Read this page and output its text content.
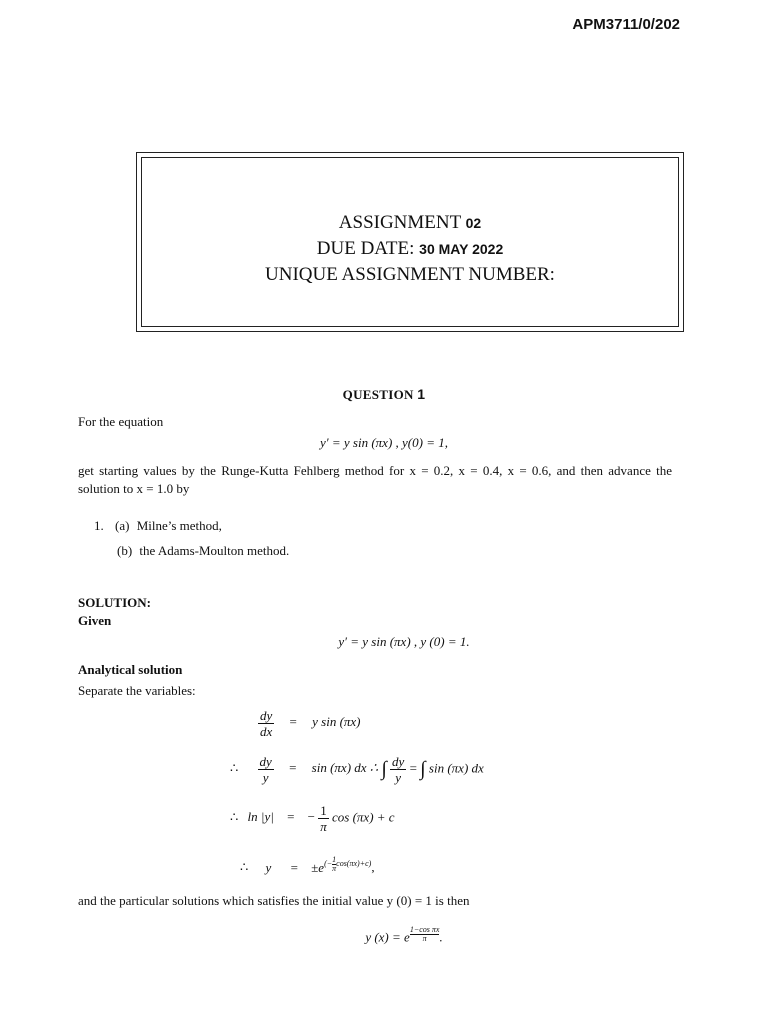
APM3711/0/202
ASSIGNMENT 02
DUE DATE: 30 MAY 2022
UNIQUE ASSIGNMENT NUMBER:
QUESTION 1
For the equation
y′ = y sin (πx) , y(0) = 1,
get starting values by the Runge-Kutta Fehlberg method for x = 0.2, x = 0.4, x = 0.6, and then advance the solution to x = 1.0 by
1. (a) Milne’s method,
(b) the Adams-Moulton method.
SOLUTION:
Given
y′ = y sin (πx) , y (0) = 1.
Analytical solution
Separate the variables:
$\frac{dy}{dx} = y$ sin (πx)
∴ $\frac{dy}{y} = \sin (\pi x)$ dx ∴ ∫ $\frac{dy}{y}$ = ∫ sin (πx) dx
∴ ln |y| = − $\frac{1}{\pi}$ cos (πx) + c
∴ $y = \pm e^{(- \frac{1}{\pi} cos(\pi x)+c)}$,
and the particular solutions which satisfies the initial value y (0) = 1 is then
y (x) = e $^{\frac{\text{1−cos πx}}{\pi}}$ .
